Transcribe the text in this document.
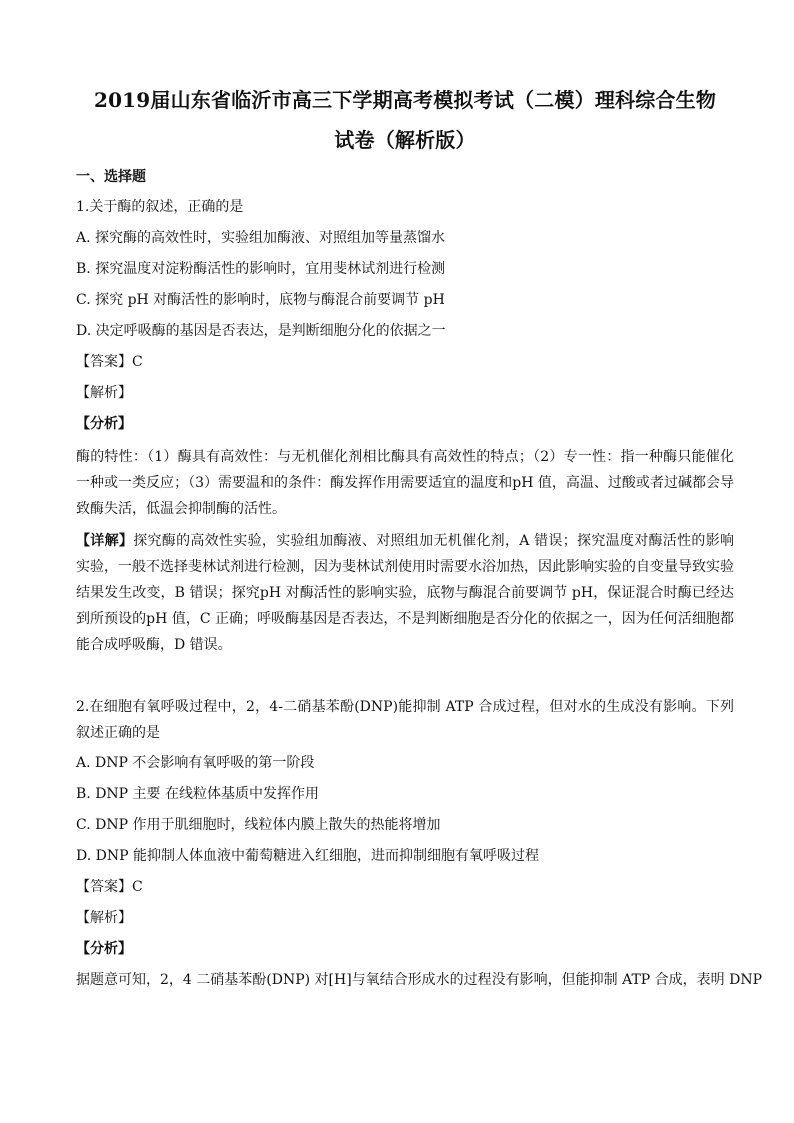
2019届山东省临沂市高三下学期高考模拟考试（二模）理科综合生物
试卷（解析版）
一、选择题
1.关于酶的叙述，正确的是
A. 探究酶的高效性时，实验组加酶液、对照组加等量蒸馏水
B. 探究温度对淀粉酶活性的影响时，宜用斐林试剂进行检测
C. 探究 pH 对酶活性的影响时，底物与酶混合前要调节 pH
D. 决定呼吸酶的基因是否表达，是判断细胞分化的依据之一
【答案】C
【解析】
【分析】
酶的特性：（1）酶具有高效性：与无机催化剂相比酶具有高效性的特点；（2）专一性：指一种酶只能催化一种或一类反应；（3）需要温和的条件：酶发挥作用需要适宜的温度和pH 值，高温、过酸或者过碱都会导致酶失活，低温会抑制酶的活性。
【详解】探究酶的高效性实验，实验组加酶液、对照组加无机催化剂，A 错误；探究温度对酶活性的影响实验，一般不选择斐林试剂进行检测，因为斐林试剂使用时需要水浴加热，因此影响实验的自变量导致实验结果发生改变，B 错误；探究pH 对酶活性的影响实验，底物与酶混合前要调节 pH，保证混合时酶已经达到所预设的pH 值，C 正确；呼吸酶基因是否表达，不是判断细胞是否分化的依据之一，因为任何活细胞都能合成呼吸酶，D 错误。
2.在细胞有氧呼吸过程中，2，4-二硝基苯酚(DNP)能抑制 ATP 合成过程，但对水的生成没有影响。下列叙述正确的是
A. DNP 不会影响有氧呼吸的第一阶段
B. DNP 主要 在线粒体基质中发挥作用
C. DNP 作用于肌细胞时，线粒体内膜上散失的热能将增加
D. DNP 能抑制人体血液中葡萄糖进入红细胞，进而抑制细胞有氧呼吸过程
【答案】C
【解析】
【分析】
据题意可知，2，4 二硝基苯酚(DNP) 对[H]与氧结合形成水的过程没有影响，但能抑制 ATP 合成，表明 DNP
